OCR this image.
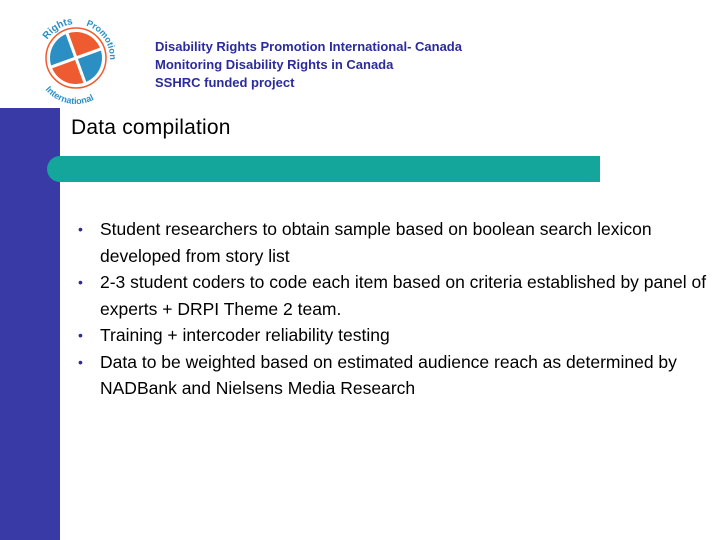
Rights	Promotion
International
Disability Rights Promotion International- Canada
Monitoring Disability Rights in Canada
SSHRC funded project
Data compilation
• Student researchers to obtain sample based on boolean search lexicon developed from story list
• 2-3 student coders to code each item based on criteria established by panel of experts + DRPI Theme 2 team.
• Training + intercoder reliability testing
• Data to be weighted based on estimated audience reach as determined by NADBank and Nielsens Media Research
